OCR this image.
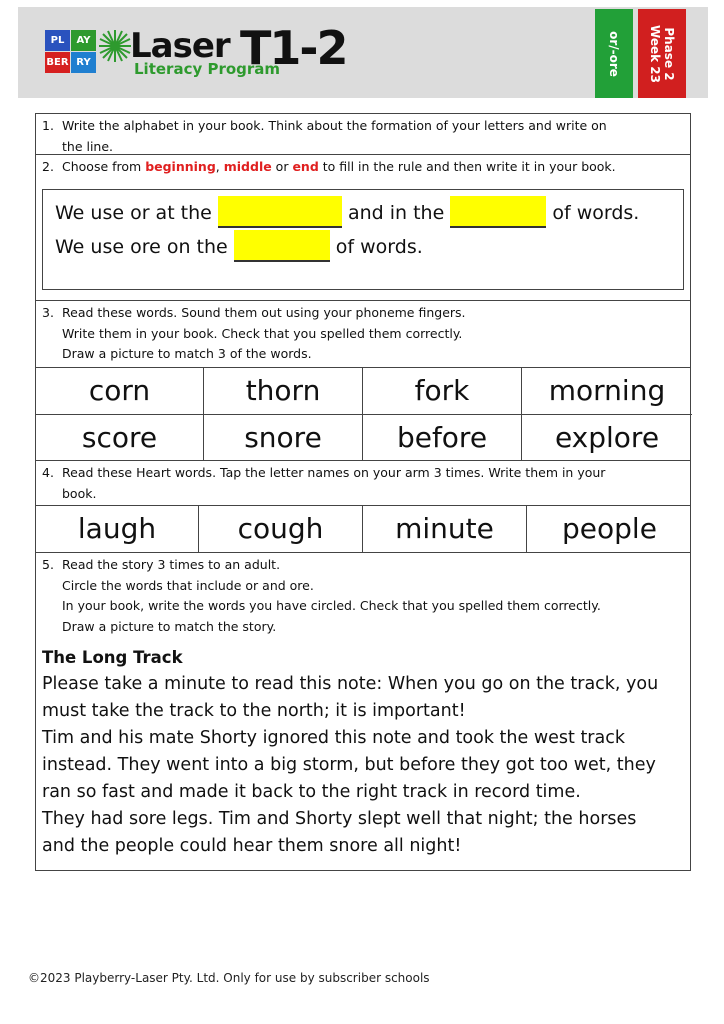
PL	AY
BER RY Laser
Literacy Program
T1-2	or/-ore	Phase 2
Week 23
1. Write the alphabet in your book. Think about the formation of your letters and write on
the line.
2. Choose from beginning, middle or end to fill in the rule and then write it in your book.
We use or at the	and in the	of words.
We use ore on the	of words.
3. Read these words. Sound them out using your phoneme fingers.
Write them in your book. Check that you spelled them correctly.
Draw a picture to match 3 of the words.
corn	thorn	fork	morning
score	snore	before	explore
4. Read these Heart words. Tap the letter names on your arm 3 times. Write them in your
book.
laugh	cough	minute	people
5. Read the story 3 times to an adult.
Circle the words that include or and ore.
In your book, write the words you have circled. Check that you spelled them correctly.
Draw a picture to match the story.
The Long Track
Please take a minute to read this note: When you go on the track, you
must take the track to the north; it is important!
Tim and his mate Shorty ignored this note and took the west track
instead. They went into a big storm, but before they got too wet, they
ran so fast and made it back to the right track in record time.
They had sore legs. Tim and Shorty slept well that night; the horses
and the people could hear them snore all night!
©2023 Playberry-Laser Pty. Ltd. Only for use by subscriber schools
